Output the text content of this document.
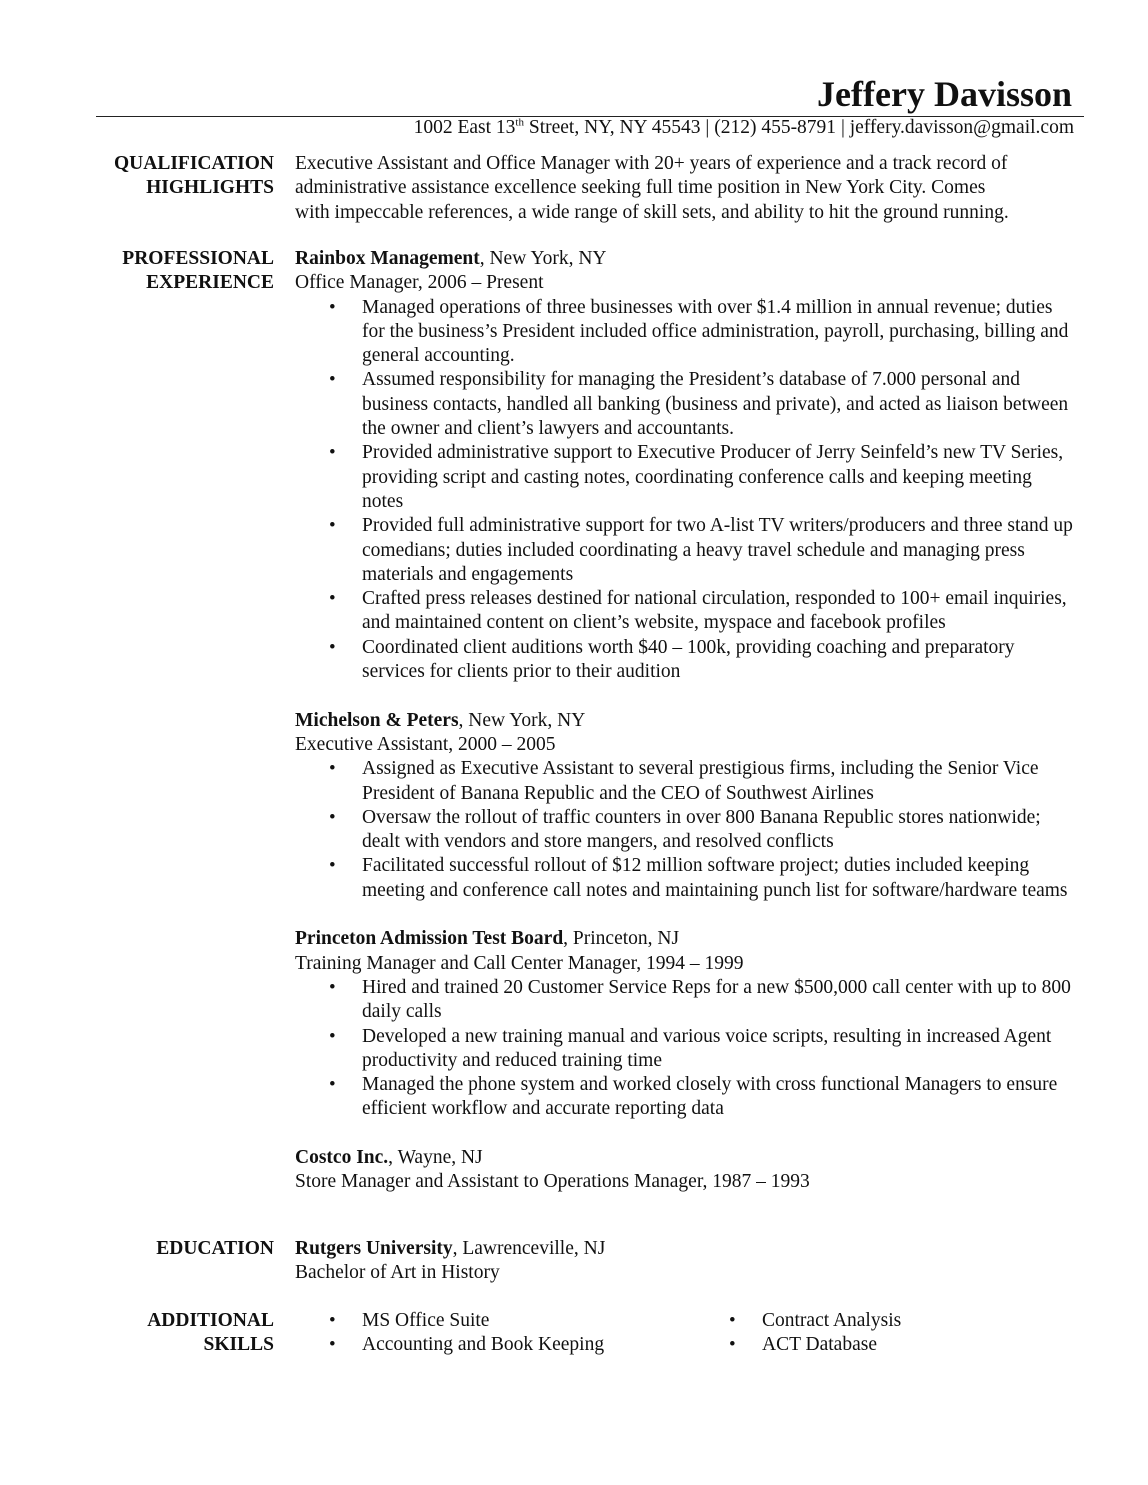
Jeffery Davisson
1002 East 13th Street, NY, NY 45543 | (212) 455-8791 | jeffery.davisson@gmail.com
QUALIFICATION
HIGHLIGHTS
Executive Assistant and Office Manager with 20+ years of experience and a track record of
administrative assistance excellence seeking full time position in New York City. Comes
with impeccable references, a wide range of skill sets, and ability to hit the ground running.
PROFESSIONAL
EXPERIENCE
Rainbox Management, New York, NY
Office Manager, 2006 – Present
• Managed operations of three businesses with over $1.4 million in annual revenue; duties for the business’s President included office administration, payroll, purchasing, billing and general accounting.
• Assumed responsibility for managing the President’s database of 7.000 personal and business contacts, handled all banking (business and private), and acted as liaison between the owner and client’s lawyers and accountants.
• Provided administrative support to Executive Producer of Jerry Seinfeld’s new TV Series, providing script and casting notes, coordinating conference calls and keeping meeting notes
• Provided full administrative support for two A-list TV writers/producers and three stand up comedians; duties included coordinating a heavy travel schedule and managing press materials and engagements
• Crafted press releases destined for national circulation, responded to 100+ email inquiries, and maintained content on client’s website, myspace and facebook profiles
• Coordinated client auditions worth $40 – 100k, providing coaching and preparatory services for clients prior to their audition
Michelson & Peters, New York, NY
Executive Assistant, 2000 – 2005
• Assigned as Executive Assistant to several prestigious firms, including the Senior Vice President of Banana Republic and the CEO of Southwest Airlines
• Oversaw the rollout of traffic counters in over 800 Banana Republic stores nationwide; dealt with vendors and store mangers, and resolved conflicts
• Facilitated successful rollout of $12 million software project; duties included keeping meeting and conference call notes and maintaining punch list for software/hardware teams
Princeton Admission Test Board, Princeton, NJ
Training Manager and Call Center Manager, 1994 – 1999
• Hired and trained 20 Customer Service Reps for a new $500,000 call center with up to 800 daily calls
• Developed a new training manual and various voice scripts, resulting in increased Agent productivity and reduced training time
• Managed the phone system and worked closely with cross functional Managers to ensure efficient workflow and accurate reporting data
Costco Inc., Wayne, NJ
Store Manager and Assistant to Operations Manager, 1987 – 1993
EDUCATION Rutgers University, Lawrenceville, NJ
Bachelor of Art in History
ADDITIONAL
SKILLS
• MS Office Suite
• Accounting and Book Keeping
• Contract Analysis
• ACT Database
